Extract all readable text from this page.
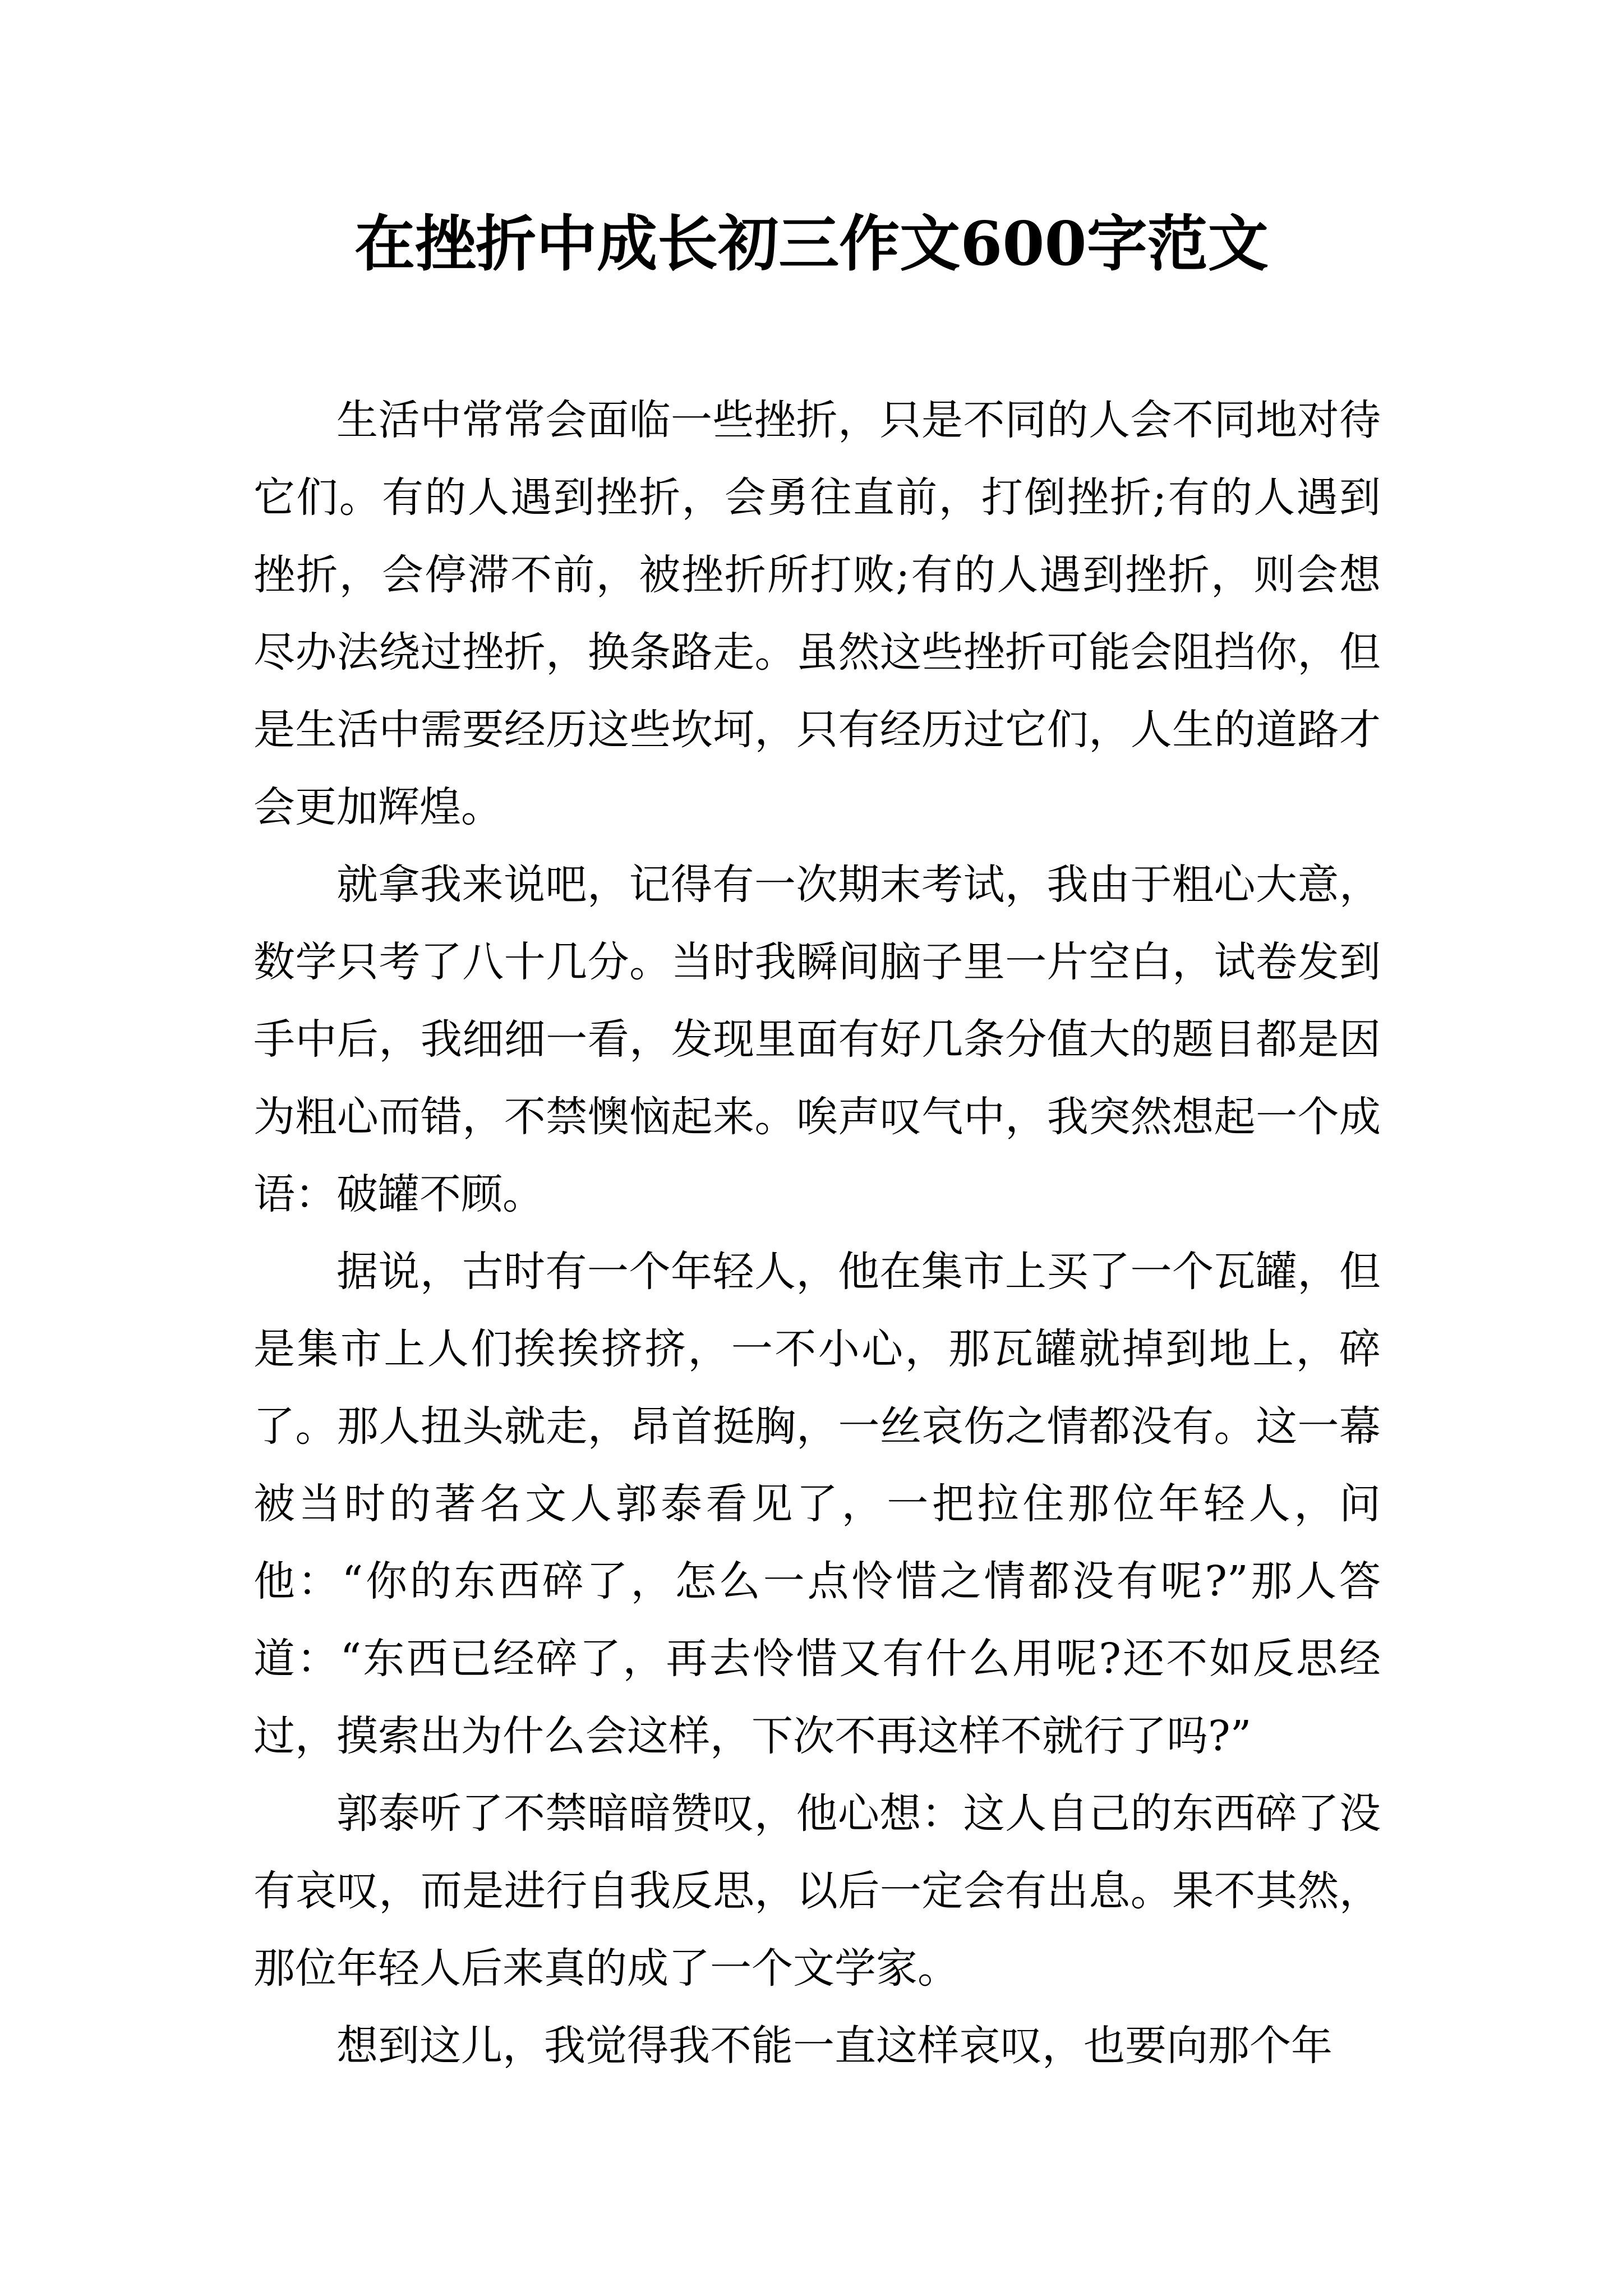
在挫折中成长初三作文600字范文

生活中常常会面临一些挫折，只是不同的人会不同地对待它们。有的人遇到挫折，会勇往直前，打倒挫折;有的人遇到挫折，会停滞不前，被挫折所打败;有的人遇到挫折，则会想尽办法绕过挫折，换条路走。虽然这些挫折可能会阻挡你，但是生活中需要经历这些坎坷，只有经历过它们，人生的道路才会更加辉煌。

就拿我来说吧，记得有一次期末考试，我由于粗心大意，数学只考了八十几分。当时我瞬间脑子里一片空白，试卷发到手中后，我细细一看，发现里面有好几条分值大的题目都是因为粗心而错，不禁懊恼起来。唉声叹气中，我突然想起一个成语：破罐不顾。

据说，古时有一个年轻人，他在集市上买了一个瓦罐，但是集市上人们挨挨挤挤，一不小心，那瓦罐就掉到地上，碎了。那人扭头就走，昂首挺胸，一丝哀伤之情都没有。这一幕被当时的著名文人郭泰看见了，一把拉住那位年轻人，问他：“你的东西碎了，怎么一点怜惜之情都没有呢?”那人答道：“东西已经碎了，再去怜惜又有什么用呢?还不如反思经过，摸索出为什么会这样，下次不再这样不就行了吗?”

郭泰听了不禁暗暗赞叹，他心想：这人自己的东西碎了没有哀叹，而是进行自我反思，以后一定会有出息。果不其然，那位年轻人后来真的成了一个文学家。

想到这儿，我觉得我不能一直这样哀叹，也要向那个年
